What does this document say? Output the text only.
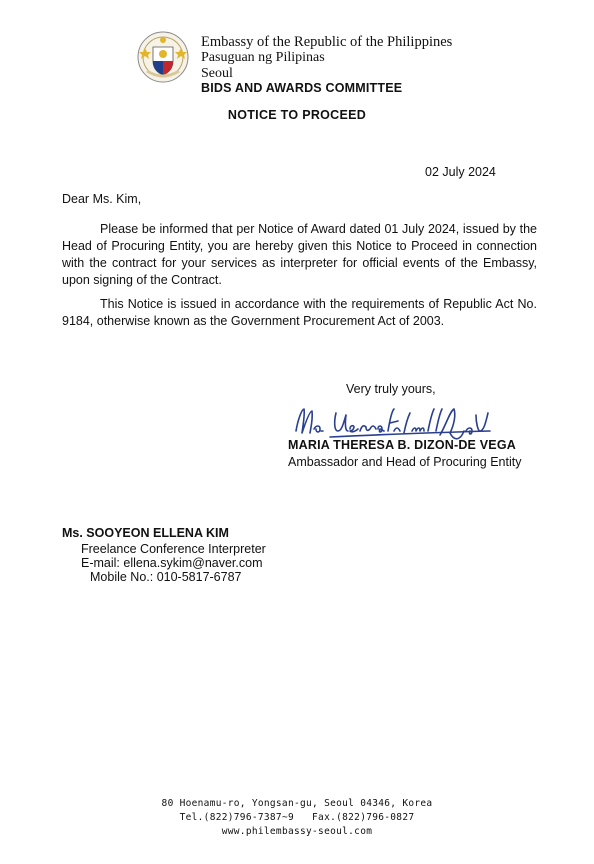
Embassy of the Republic of the Philippines
Pasuguan ng Pilipinas
Seoul
BIDS AND AWARDS COMMITTEE
NOTICE TO PROCEED
02 July 2024
Dear Ms. Kim,
Please be informed that per Notice of Award dated 01 July 2024, issued by the Head of Procuring Entity, you are hereby given this Notice to Proceed in connection with the contract for your services as interpreter for official events of the Embassy, upon signing of the Contract.
This Notice is issued in accordance with the requirements of Republic Act No. 9184, otherwise known as the Government Procurement Act of 2003.
Very truly yours,
MARIA THERESA B. DIZON-DE VEGA
Ambassador and Head of Procuring Entity
Ms. SOOYEON ELLENA KIM
Freelance Conference Interpreter
E-mail: ellena.sykim@naver.com
Mobile No.: 010-5817-6787
80 Hoenamu-ro, Yongsan-gu, Seoul 04346, Korea
Tel.(822)796-7387~9   Fax.(822)796-0827
www.philembassy-seoul.com
